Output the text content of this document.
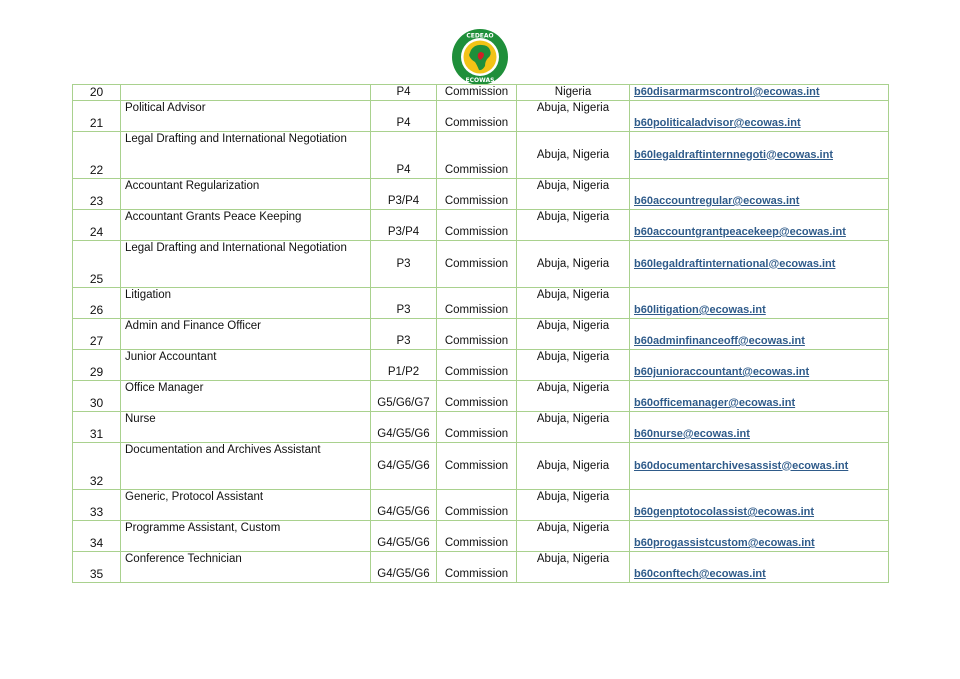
CEDEAO
ECOWAS
20		P4	Commission	Nigeria	b60disarmarmscontrol@ecowas.int
21	Political Advisor	P4	Commission	Abuja, Nigeria	b60politicaladvisor@ecowas.int
22	Legal Drafting and International Negotiation	P4	Commission	Abuja, Nigeria	b60legaldraftinternnegoti@ecowas.int
23	Accountant Regularization	P3/P4	Commission	Abuja, Nigeria	b60accountregular@ecowas.int
24	Accountant Grants Peace Keeping	P3/P4	Commission	Abuja, Nigeria	b60accountgrantpeacekeep@ecowas.int
25	Legal Drafting and International Negotiation	P3	Commission	Abuja, Nigeria	b60legaldraftinternational@ecowas.int
26	Litigation	P3	Commission	Abuja, Nigeria	b60litigation@ecowas.int
27	Admin and Finance Officer	P3	Commission	Abuja, Nigeria	b60adminfinanceoff@ecowas.int
29	Junior Accountant	P1/P2	Commission	Abuja, Nigeria	b60junioraccountant@ecowas.int
30	Office Manager	G5/G6/G7	Commission	Abuja, Nigeria	b60officemanager@ecowas.int
31	Nurse	G4/G5/G6	Commission	Abuja, Nigeria	b60nurse@ecowas.int
32	Documentation and Archives Assistant	G4/G5/G6	Commission	Abuja, Nigeria	b60documentarchivesassist@ecowas.int
33	Generic, Protocol Assistant	G4/G5/G6	Commission	Abuja, Nigeria	b60genptotocolassist@ecowas.int
34	Programme Assistant, Custom	G4/G5/G6	Commission	Abuja, Nigeria	b60progassistcustom@ecowas.int
35	Conference Technician	G4/G5/G6	Commission	Abuja, Nigeria	b60conftech@ecowas.int
